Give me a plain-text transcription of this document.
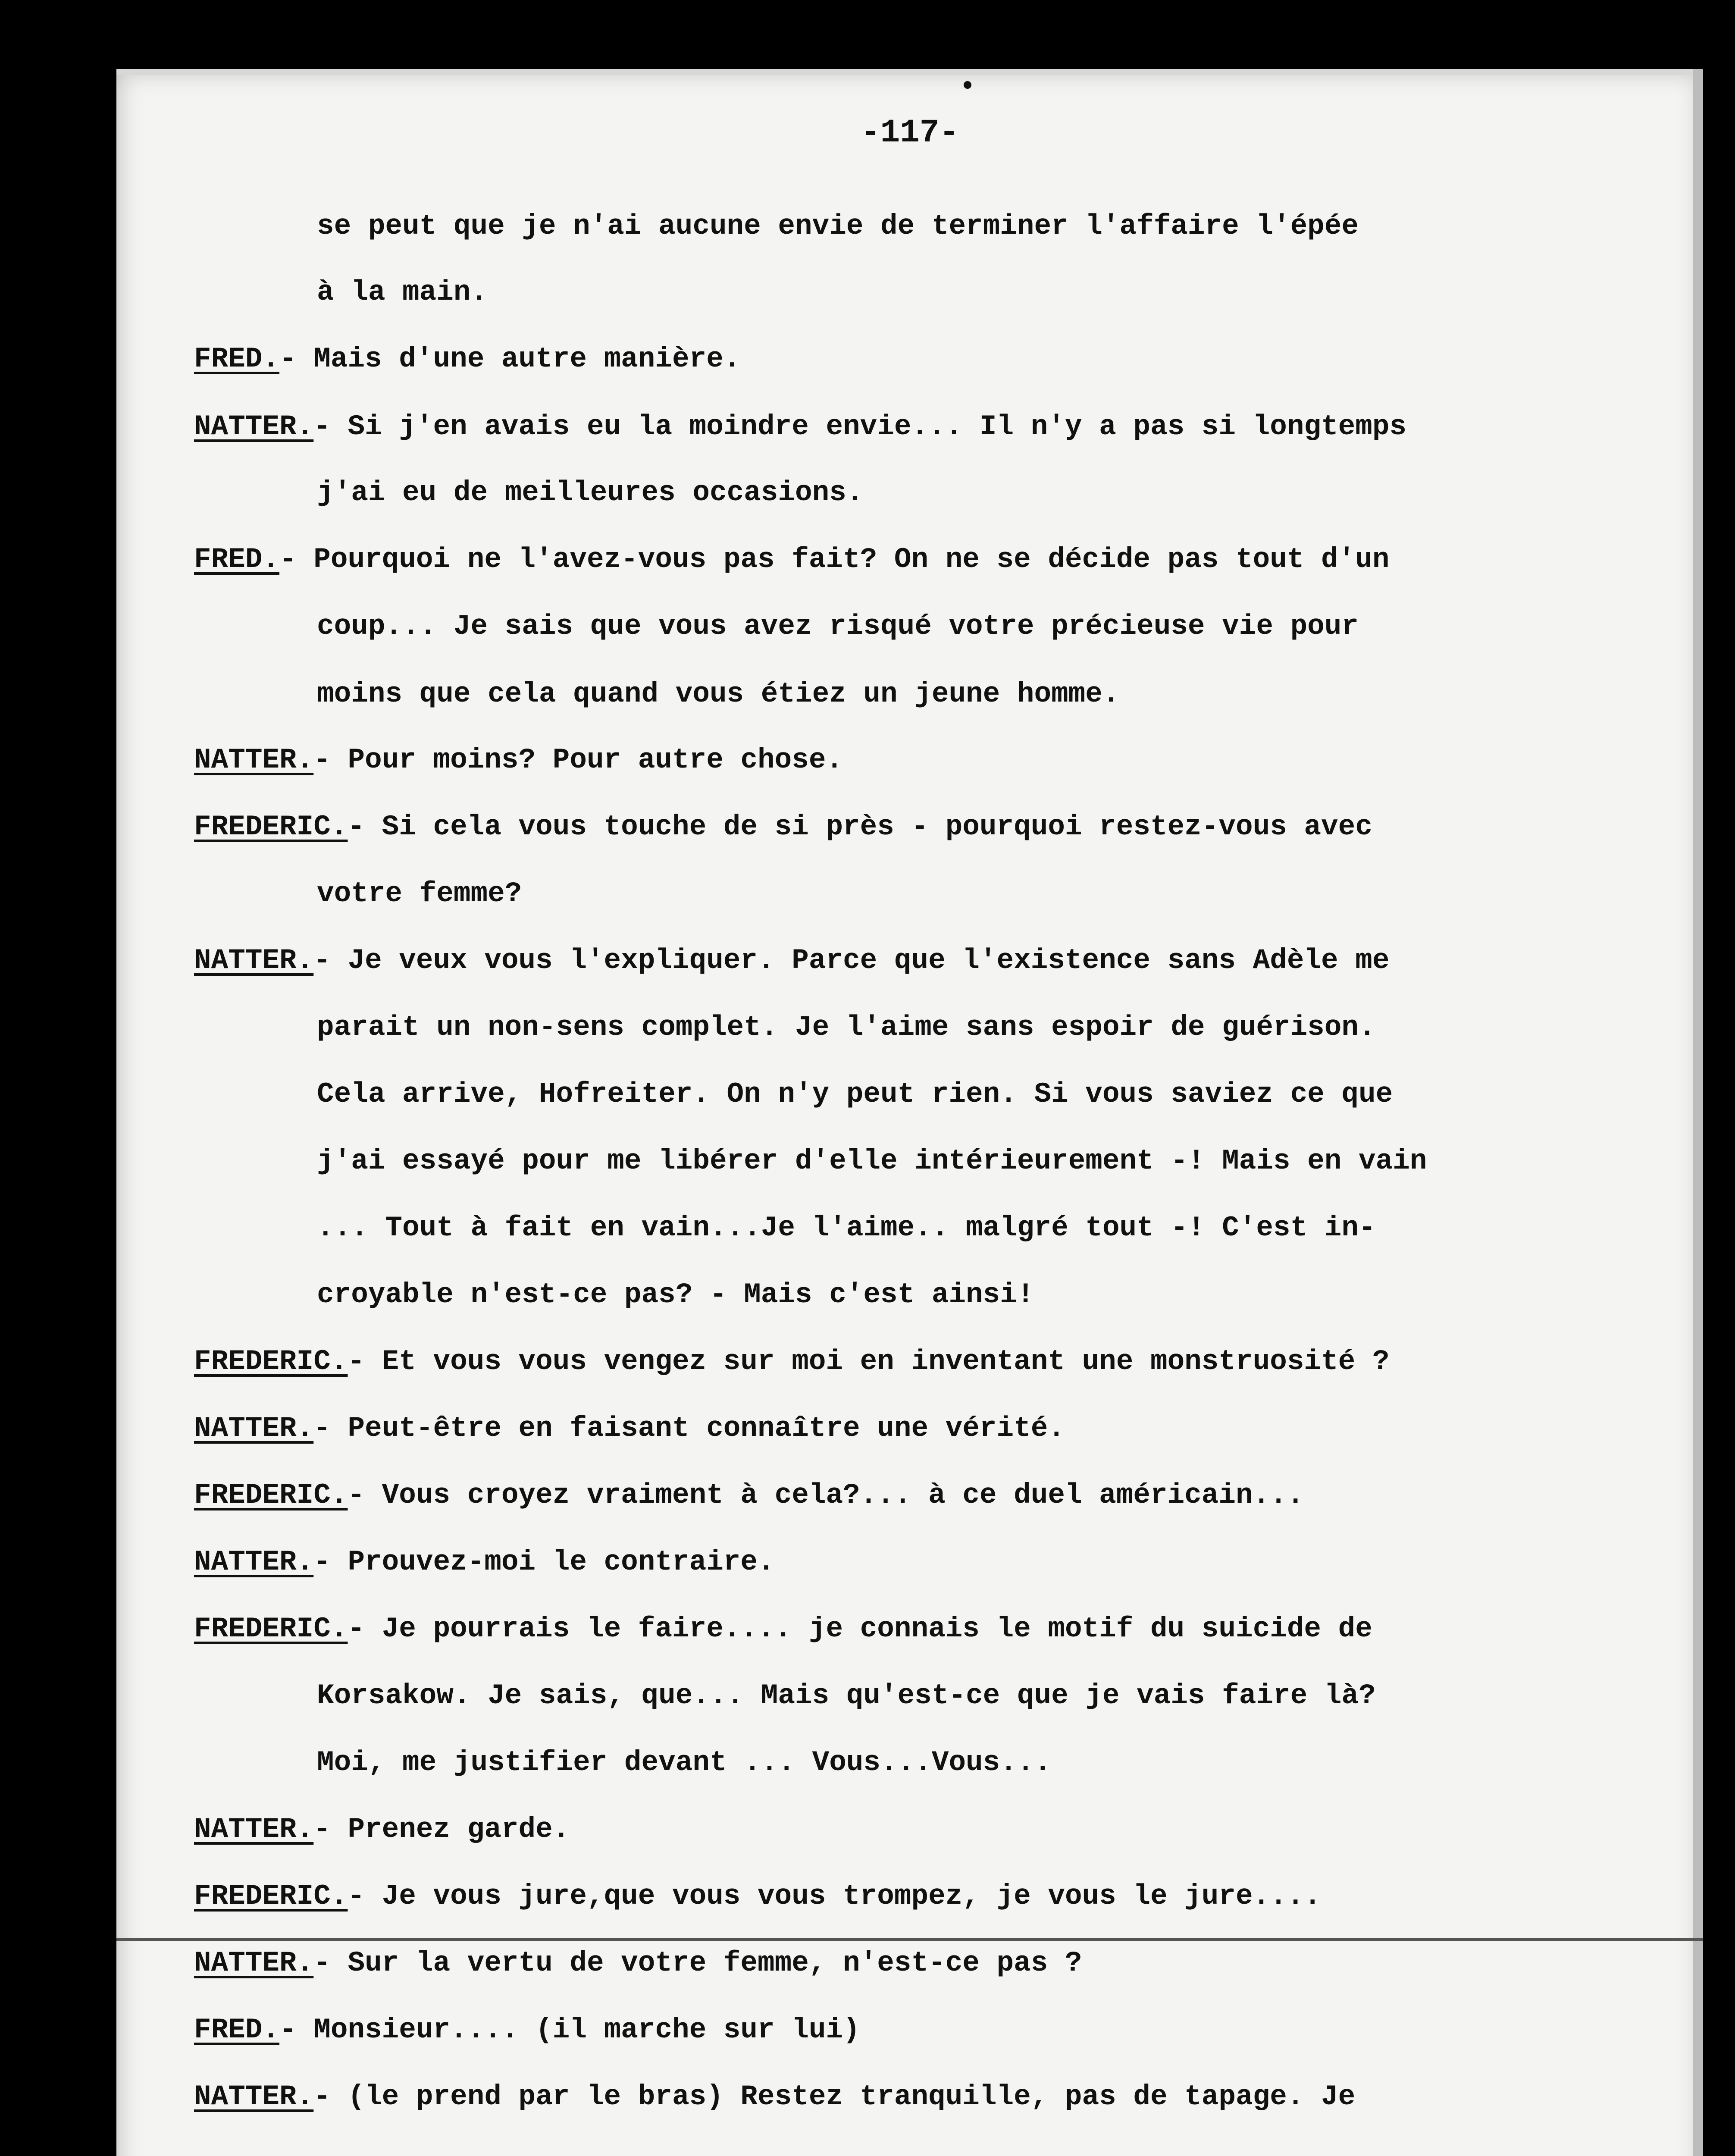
-117-

se peut que je n'ai aucune envie de terminer l'affaire l'épée

à la main.

FRED.- Mais d'une autre manière.

NATTER.- Si j'en avais eu la moindre envie... Il n'y a pas si longtemps

j'ai eu de meilleures occasions.

FRED.- Pourquoi ne l'avez-vous pas fait? On ne se décide pas tout d'un

coup... Je sais que vous avez risqué votre précieuse vie pour

moins que cela quand vous étiez un jeune homme.

NATTER.- Pour moins? Pour autre chose.

FREDERIC.- Si cela vous touche de si près - pourquoi restez-vous avec

votre femme?

NATTER.- Je veux vous l'expliquer. Parce que l'existence sans Adèle me

parait un non-sens complet. Je l'aime sans espoir de guérison.

Cela arrive, Hofreiter. On n'y peut rien. Si vous saviez ce que

j'ai essayé pour me libérer d'elle intérieurement -! Mais en vain

... Tout à fait en vain...Je l'aime.. malgré tout -! C'est in-

croyable n'est-ce pas? - Mais c'est ainsi!

FREDERIC.- Et vous vous vengez sur moi en inventant une monstruosité ?

NATTER.- Peut-être en faisant connaître une vérité.

FREDERIC.- Vous croyez vraiment à cela?... à ce duel américain...

NATTER.- Prouvez-moi le contraire.

FREDERIC.- Je pourrais le faire.... je connais le motif du suicide de

Korsakow. Je sais, que... Mais qu'est-ce que je vais faire là?

Moi, me justifier devant ... Vous...Vous...

NATTER.- Prenez garde.

FREDERIC.- Je vous jure,que vous vous trompez, je vous le jure....

NATTER.- Sur la vertu de votre femme, n'est-ce pas ?

FRED.- Monsieur.... (il marche sur lui)

NATTER.- (le prend par le bras) Restez tranquille, pas de tapage. Je
